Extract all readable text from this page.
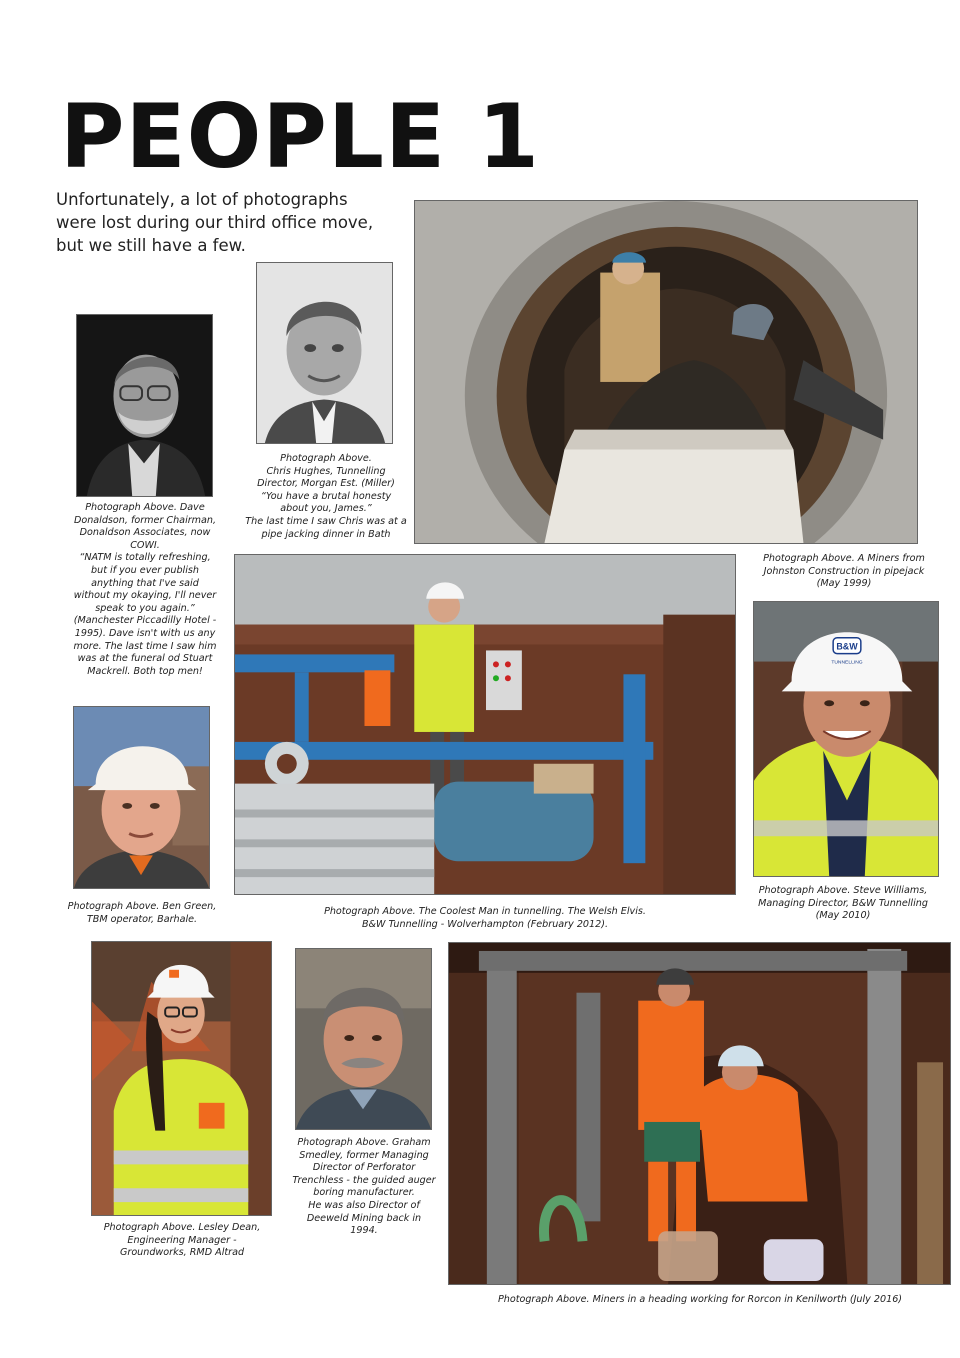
PEOPLE 1
Unfortunately, a lot of photographs were lost during our third office move, but we still have a few.
Photograph Above. Dave
Donaldson, former Chairman,
Donaldson Associates, now
COWI.
“NATM is totally refreshing,
but if you ever publish
anything that I've said
without my okaying, I'll never
speak to you again.”
(Manchester Piccadilly Hotel -
1995). Dave isn't with us any
more. The last time I saw him
was at the funeral od Stuart
Mackrell. Both top men!
Photograph Above.
Chris Hughes, Tunnelling
Director, Morgan Est. (Miller)
“You have a brutal honesty
about you, James.”
The last time I saw Chris was at a
pipe jacking dinner in Bath
Photograph Above. A Miners from
Johnston Construction in pipejack
(May 1999)
Photograph Above. Ben Green,
TBM operator, Barhale.
Photograph Above. The Coolest Man in tunnelling. The Welsh Elvis.
B&W Tunnelling - Wolverhampton (February 2012).
B&W
TUNNELLING
Photograph Above. Steve Williams,
Managing Director, B&W Tunnelling
(May 2010)
Photograph Above. Lesley Dean,
Engineering Manager -
Groundworks, RMD Altrad
Photograph Above. Graham
Smedley, former Managing
Director of Perforator
Trenchless - the guided auger
boring manufacturer.
He was also Director of
Deeweld Mining back in
1994.
Photograph Above. Miners in a heading working for Rorcon in Kenilworth (July 2016)
